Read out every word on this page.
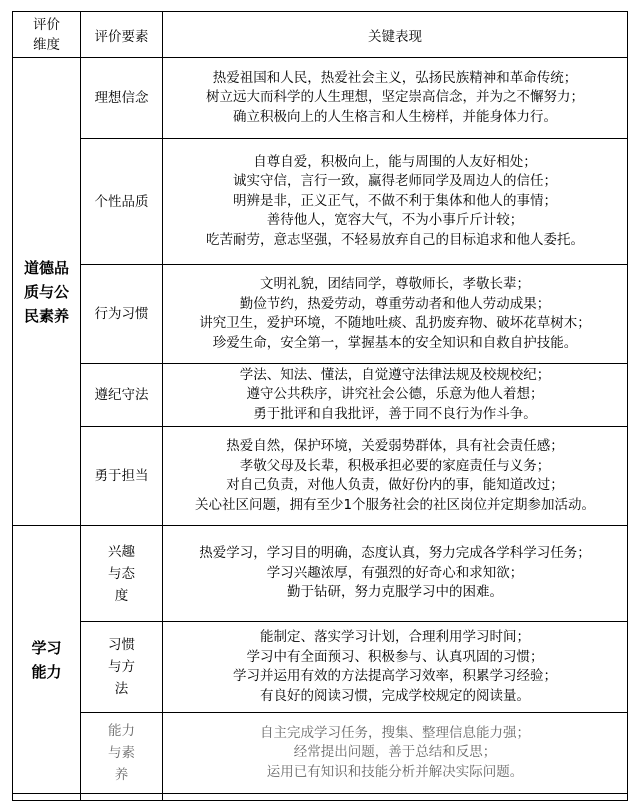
评价维度	评价要素	关键表现
道德品质与公民素养	理想信念	热爱祖国和人民，热爱社会主义，弘扬民族精神和革命传统；
树立远大而科学的人生理想，坚定崇高信念，并为之不懈努力；
确立积极向上的人生格言和人生榜样，并能身体力行。

	个性品质	自尊自爱，积极向上，能与周围的人友好相处；
诚实守信，言行一致，赢得老师同学及周边人的信任；
明辨是非，正义正气，不做不利于集体和他人的事情；
善待他人，宽容大气，不为小事斤斤计较；
吃苦耐劳，意志坚强，不轻易放弃自己的目标追求和他人委托。

	行为习惯	文明礼貌，团结同学，尊敬师长，孝敬长辈；
勤俭节约，热爱劳动，尊重劳动者和他人劳动成果；
讲究卫生，爱护环境，不随地吐痰、乱扔废弃物、破坏花草树木；
珍爱生命，安全第一，掌握基本的安全知识和自救自护技能。

	遵纪守法	学法、知法、懂法，自觉遵守法律法规及校规校纪；
遵守公共秩序，讲究社会公德，乐意为他人着想；
勇于批评和自我批评，善于同不良行为作斗争。

	勇于担当	热爱自然，保护环境，关爱弱势群体，具有社会责任感；
孝敬父母及长辈，积极承担必要的家庭责任与义务；
对自己负责，对他人负责，做好份内的事，能知道改过；
关心社区问题，拥有至少1个服务社会的社区岗位并定期参加活动。

学习能力	兴趣与态度	热爱学习，学习目的明确，态度认真，努力完成各学科学习任务；
学习兴趣浓厚，有强烈的好奇心和求知欲；
勤于钻研，努力克服学习中的困难。

	习惯与方法	能制定、落实学习计划，合理利用学习时间；
学习中有全面预习、积极参与、认真巩固的习惯；
学习并运用有效的方法提高学习效率，积累学习经验；
有良好的阅读习惯，完成学校规定的阅读量。

	能力与素养	自主完成学习任务，搜集、整理信息能力强；
经常提出问题，善于总结和反思；
运用已有知识和技能分析并解决实际问题。
